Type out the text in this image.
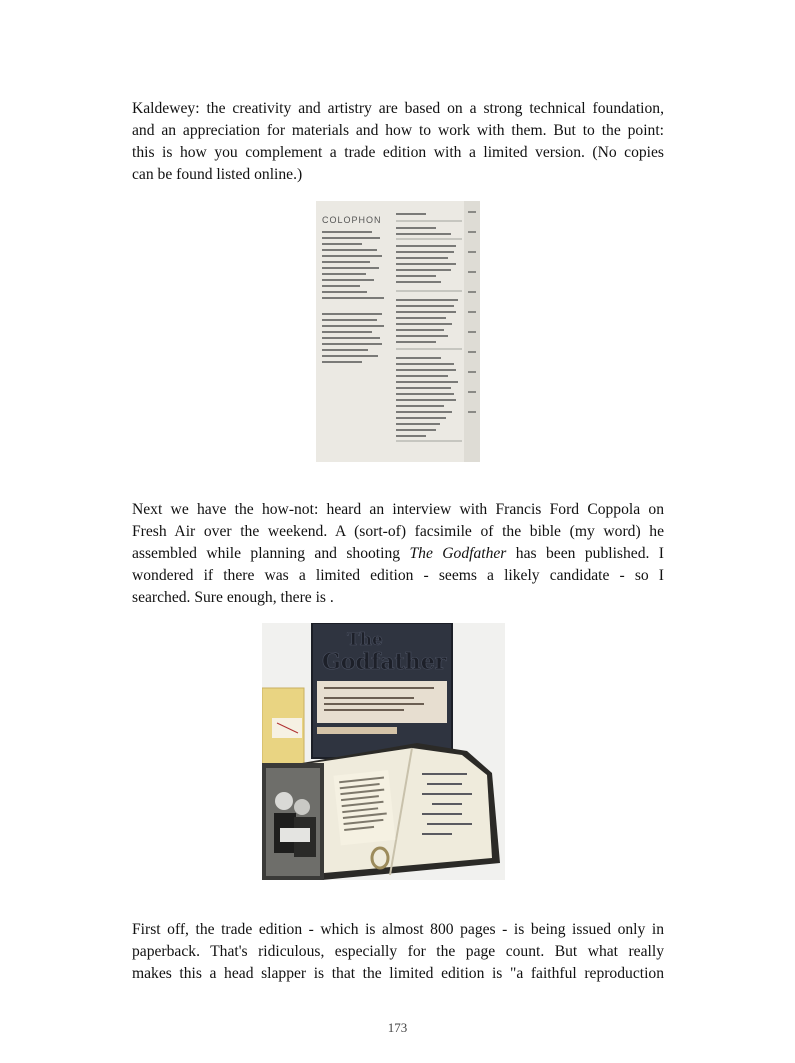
Kaldewey: the creativity and artistry are based on a strong technical foundation,
and an appreciation for materials and how to work with them. But to the point:
this is how you complement a trade edition with a limited version. (No copies
can be found listed online.)

COLOPHON

Next we have the how-not: heard an interview with Francis Ford Coppola on
Fresh Air over the weekend. A (sort-of) facsimile of the bible (my word) he
assembled while planning and shooting The Godfather has been published. I
wondered if there was a limited edition - seems a likely candidate - so I
searched. Sure enough, there is .

The
Godfather

First off, the trade edition - which is almost 800 pages - is being issued only in
paperback. That's ridiculous, especially for the page count. But what really
makes this a head slapper is that the limited edition is "a faithful reproduction

173
